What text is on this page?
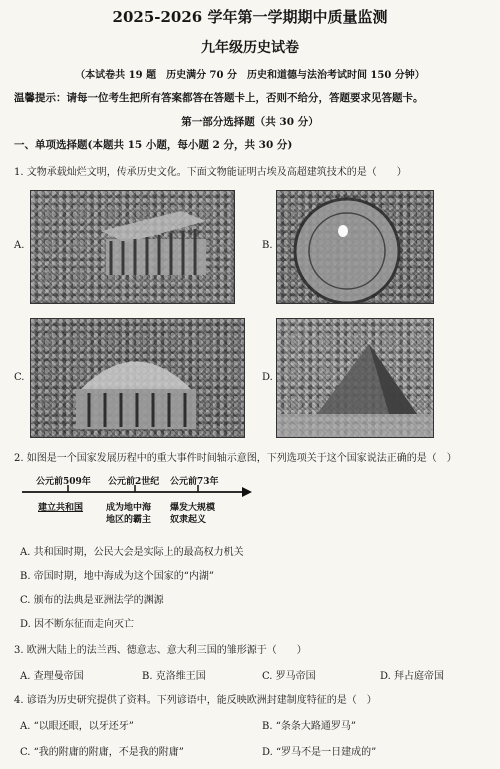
2025-2026 学年第一学期期中质量监测
九年级历史试卷
（本试卷共 19 题　历史满分 70 分　历史和道德与法治考试时间 150 分钟）
温馨提示：请每一位考生把所有答案都答在答题卡上，否则不给分，答题要求见答题卡。
第一部分选择题（共 30 分）
一、单项选择题(本题共 15 小题，每小题 2 分，共 30 分)
1. 文物承载灿烂文明，传承历史文化。下面文物能证明古埃及高超建筑技术的是（　　）
A.	B.
C.	D.
2. 如图是一个国家发展历程中的重大事件时间轴示意图，下列选项关于这个国家说法正确的是（　）
公元前509年 公元前2世纪 公元前73年
建立共和国	成为地中海
地区的霸主
爆发大规模
奴隶起义
A. 共和国时期，公民大会是实际上的最高权力机关
B. 帝国时期，地中海成为这个国家的“内湖”
C. 颁布的法典是亚洲法学的渊源
D. 因不断东征而走向灭亡
3. 欧洲大陆上的法兰西、德意志、意大利三国的雏形源于（　　）
A. 查理曼帝国	B. 克洛维王国	C. 罗马帝国	D. 拜占庭帝国
4. 谚语为历史研究提供了资料。下列谚语中，能反映欧洲封建制度特征的是（　）
A. “以眼还眼，以牙还牙”	B. “条条大路通罗马”
C. “我的附庸的附庸，不是我的附庸”	D. “罗马不是一日建成的”
